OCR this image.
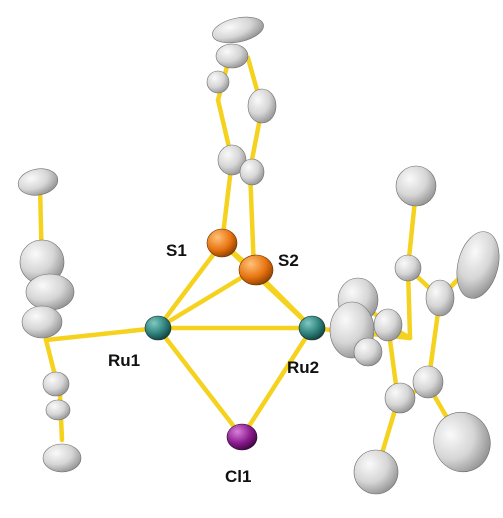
S1
S2
Ru1	Ru2
Cl1
